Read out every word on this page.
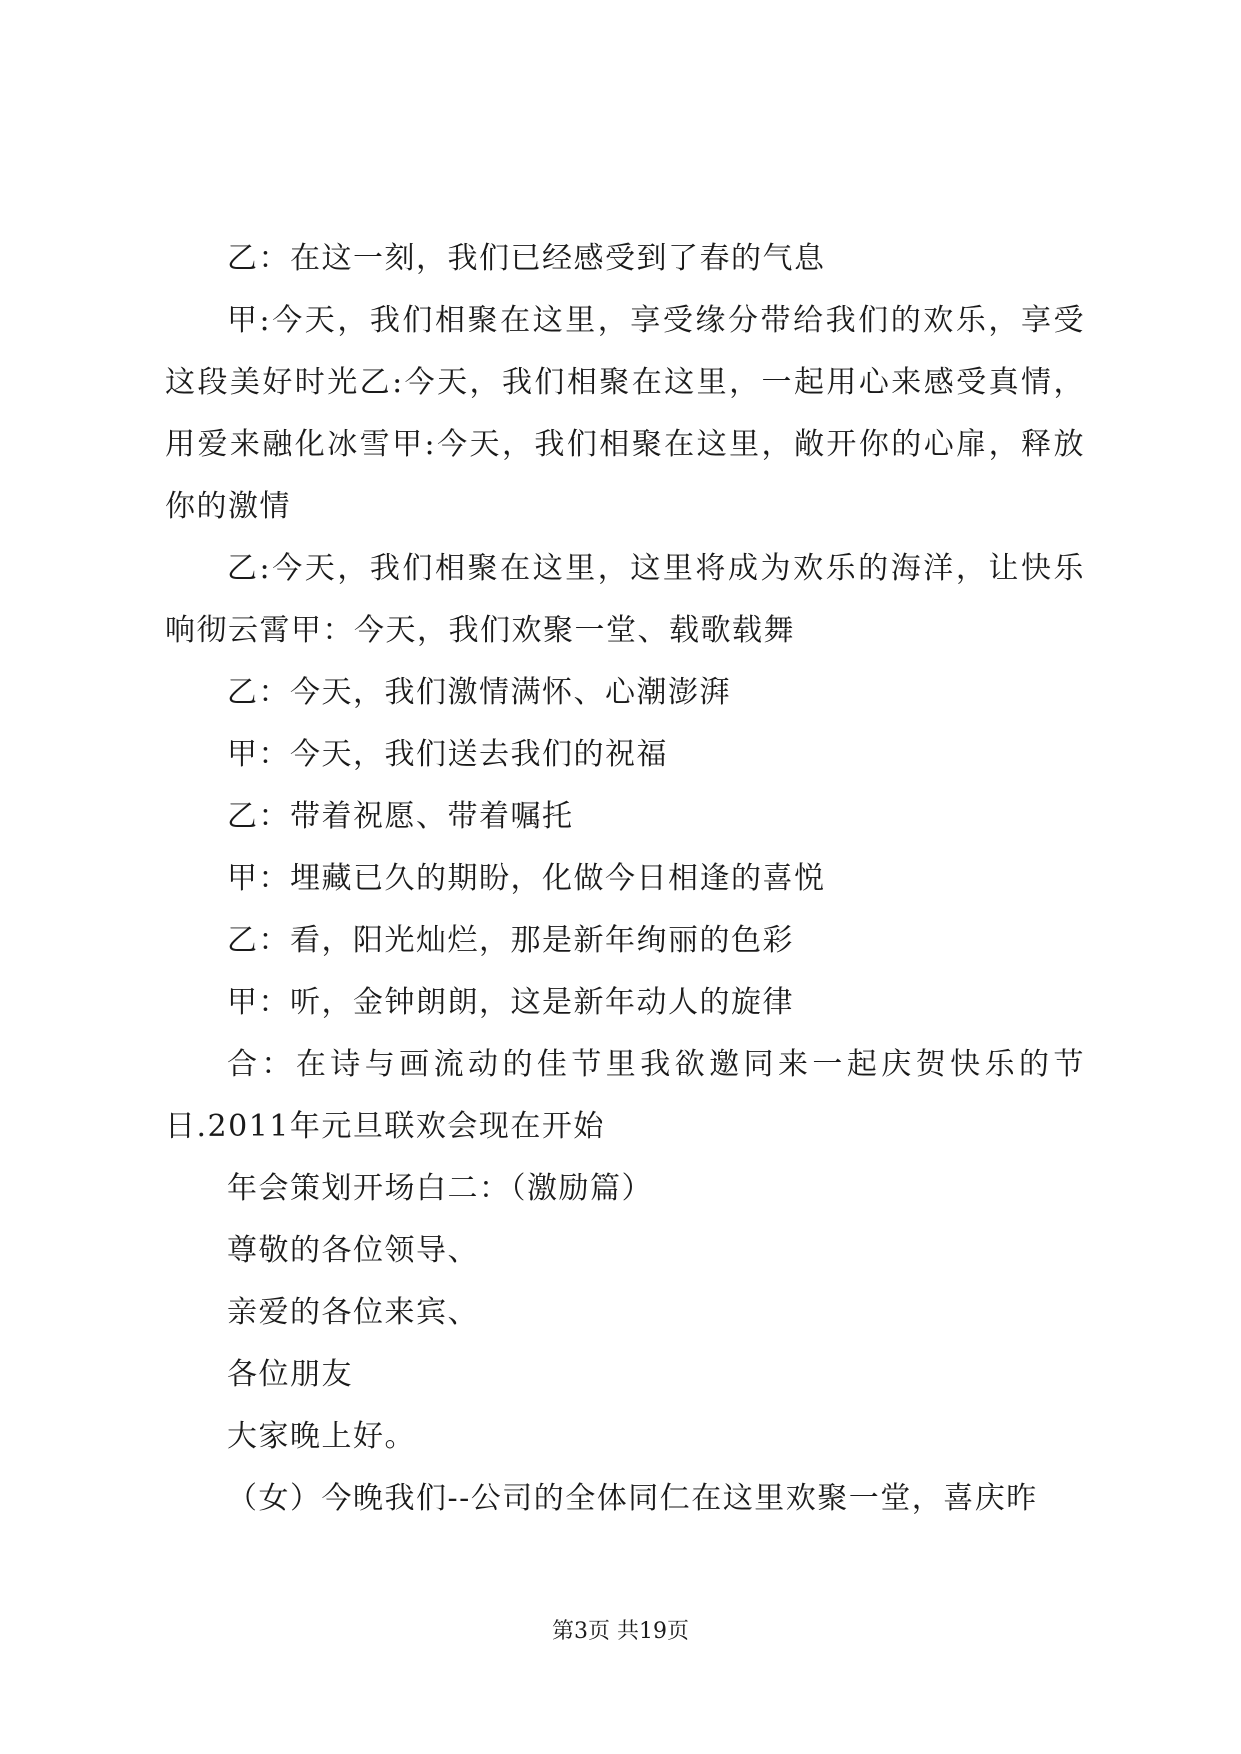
乙：在这一刻，我们已经感受到了春的气息

甲:今天，我们相聚在这里，享受缘分带给我们的欢乐，享受这段美好时光乙:今天，我们相聚在这里，一起用心来感受真情，用爱来融化冰雪甲:今天，我们相聚在这里，敞开你的心扉，释放你的激情

乙:今天，我们相聚在这里，这里将成为欢乐的海洋，让快乐响彻云霄甲：今天，我们欢聚一堂、载歌载舞

乙：今天，我们激情满怀、心潮澎湃

甲：今天，我们送去我们的祝福

乙：带着祝愿、带着嘱托

甲：埋藏已久的期盼，化做今日相逢的喜悦

乙：看，阳光灿烂，那是新年绚丽的色彩

甲：听，金钟朗朗，这是新年动人的旋律

合：在诗与画流动的佳节里我欲邀同来一起庆贺快乐的节日.2011年元旦联欢会现在开始

年会策划开场白二：（激励篇）

尊敬的各位领导、

亲爱的各位来宾、

各位朋友

大家晚上好。

（女）今晚我们--公司的全体同仁在这里欢聚一堂，喜庆昨

第3页 共19页
